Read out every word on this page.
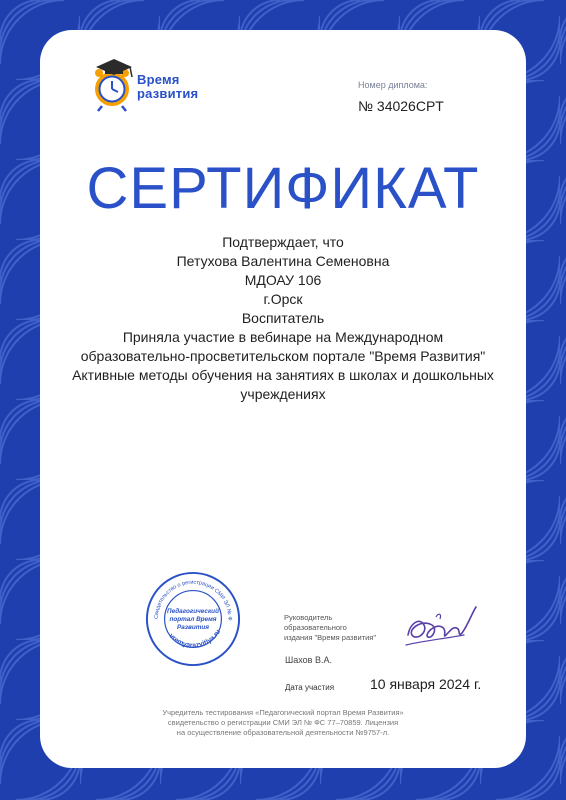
Время
развития
Номер диплома:
№ 34026CPT
СЕРТИФИКАТ
Подтверждает, что
Петухова Валентина Семеновна
МДОАУ 106
г.Орск
Воспитатель
Приняла участие в вебинаре на Международном
образовательно-просветительском портале "Время Развития"
Активные методы обучения на занятиях в школах и дошкольных
учреждениях
Свидетельство о регистрации СМИ ЭЛ № Ф
vremyarazvitiya.ru
Педагогический
портал Время
Развития
Руководитель
образовательного
издания "Время развития"
Шахов В.А.
Дата участия	10 января 2024 г.
Учредитель тестирования «Педагогический портал Время Развития»
свидетельство о регистрации СМИ ЭЛ № ФС 77–70859. Лицензия
на осуществление образовательной деятельности №9757-л.
